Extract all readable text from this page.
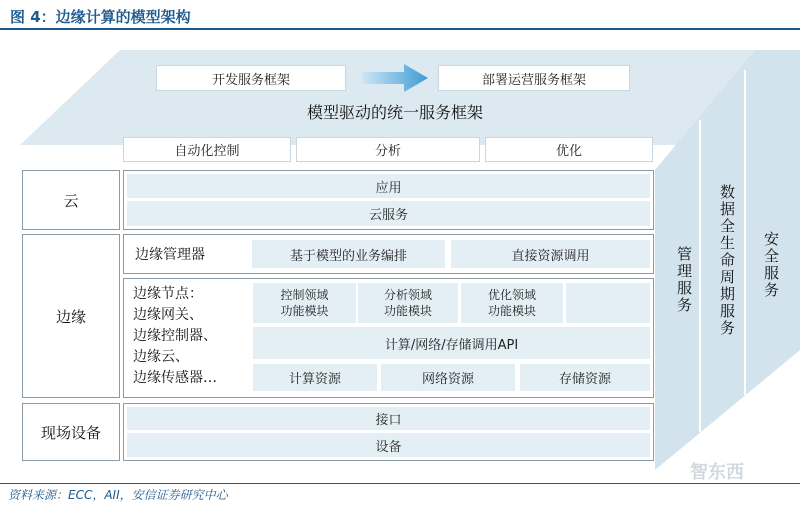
图 4：边缘计算的模型架构
开发服务框架	部署运营服务框架
模型驱动的统一服务框架
自动化控制	分析	优化
云
应用
云服务
边缘
边缘管理器	基于模型的业务编排	直接资源调用
边缘节点：
边缘网关、
边缘控制器、
边缘云、
边缘传感器…
控制领域
功能模块
分析领域
功能模块
优化领域
功能模块
计算/网络/存储调用API
计算资源	网络资源	存储资源
现场设备
接口
设备
管理服务	数据全生命周期服务	安全服务
智东西
资料来源：ECC，AII，安信证券研究中心
